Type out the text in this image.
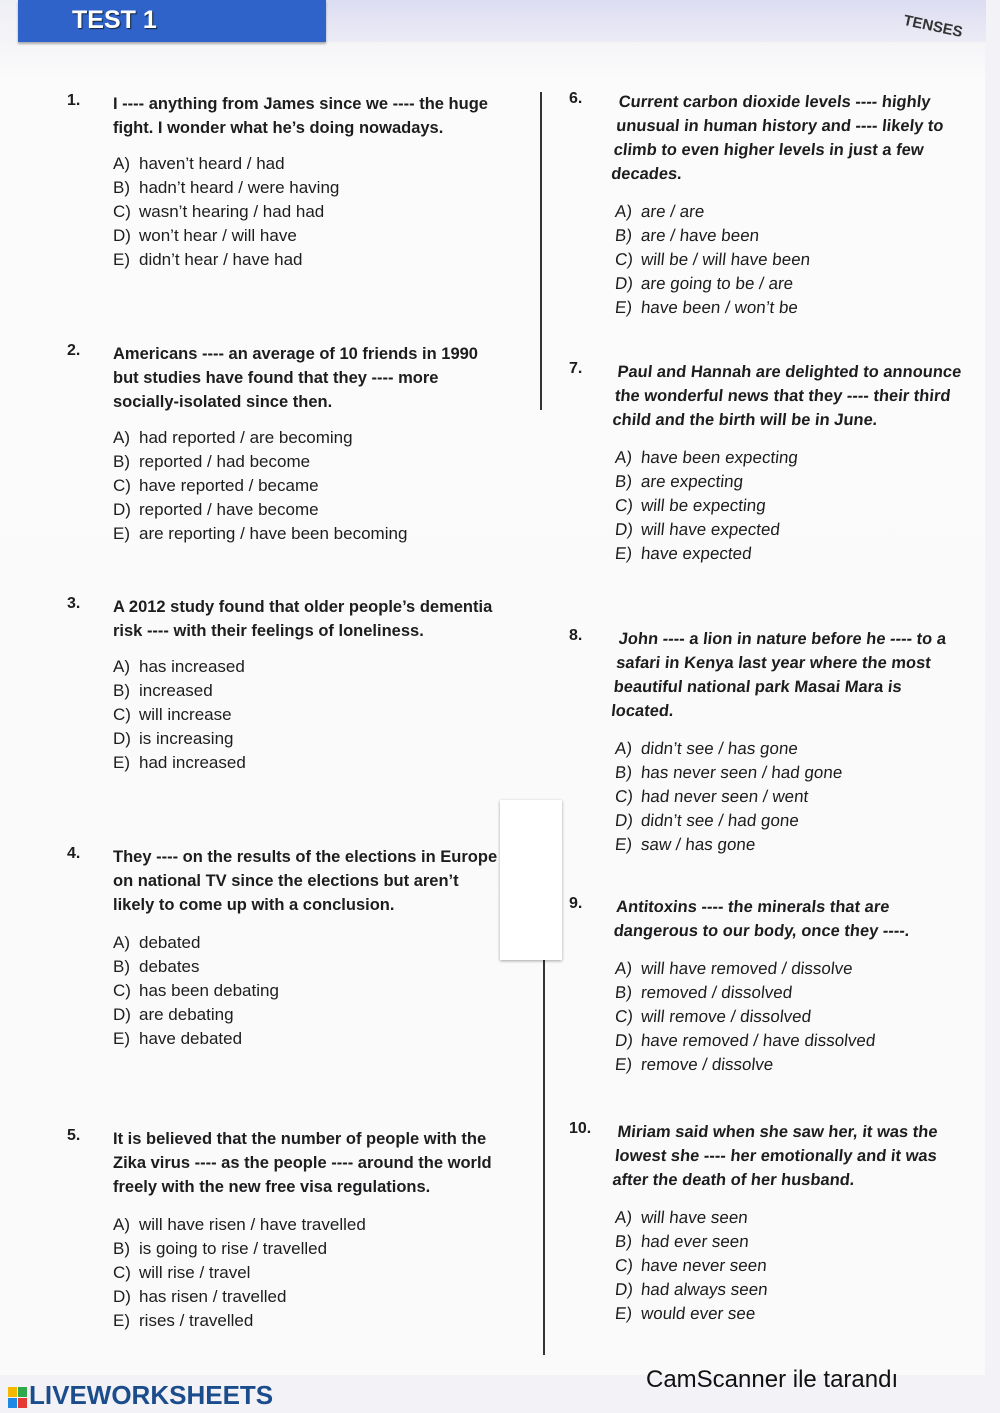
TEST 1	TENSES
1. I ---- anything from James since we ---- the huge fight. I wonder what he’s doing nowadays.

A) haven’t heard / had
B) hadn’t heard / were having
C) wasn’t hearing / had had
D) won’t hear / will have
E) didn’t hear / have had
2. Americans ---- an average of 10 friends in 1990 but studies have found that they ---- more socially-isolated since then.

A) had reported / are becoming
B) reported / had become
C) have reported / became
D) reported / have become
E) are reporting / have been becoming
3. A 2012 study found that older people’s dementia risk ---- with their feelings of loneliness.

A) has increased
B) increased
C) will increase
D) is increasing
E) had increased
4. They ---- on the results of the elections in Europe on national TV since the elections but aren’t likely to come up with a conclusion.

A) debated
B) debates
C) has been debating
D) are debating
E) have debated
5. It is believed that the number of people with the Zika virus ---- as the people ---- around the world freely with the new free visa regulations.

A) will have risen / have travelled
B) is going to rise / travelled
C) will rise / travel
D) has risen / travelled
E) rises / travelled
6.	Current carbon dioxide levels ---- highly unusual in human history and ---- likely to climb to even higher levels in just a few decades.

A) are / are
B) are / have been
C) will be / will have been
D) are going to be / are
E) have been / won’t be
7.	Paul and Hannah are delighted to announce the wonderful news that they ---- their third child and the birth will be in June.

A) have been expecting
B) are expecting
C) will be expecting
D) will have expected
E) have expected
8.	John ---- a lion in nature before he ---- to a safari in Kenya last year where the most beautiful national park Masai Mara is located.

A) didn’t see / has gone
B) has never seen / had gone
C) had never seen / went
D) didn’t see / had gone
E) saw / has gone
9. Antitoxins ---- the minerals that are dangerous to our body, once they ----.

A) will have removed / dissolve
B) removed / dissolved
C) will remove / dissolved
D) have removed / have dissolved
E) remove / dissolve
10.	Miriam said when she saw her, it was the lowest she ---- her emotionally and it was after the death of her husband.

A) will have seen
B) had ever seen
C) have never seen
D) had always seen
E) would ever see
LIVEWORKSHEETS
CamScanner ile tarandı
